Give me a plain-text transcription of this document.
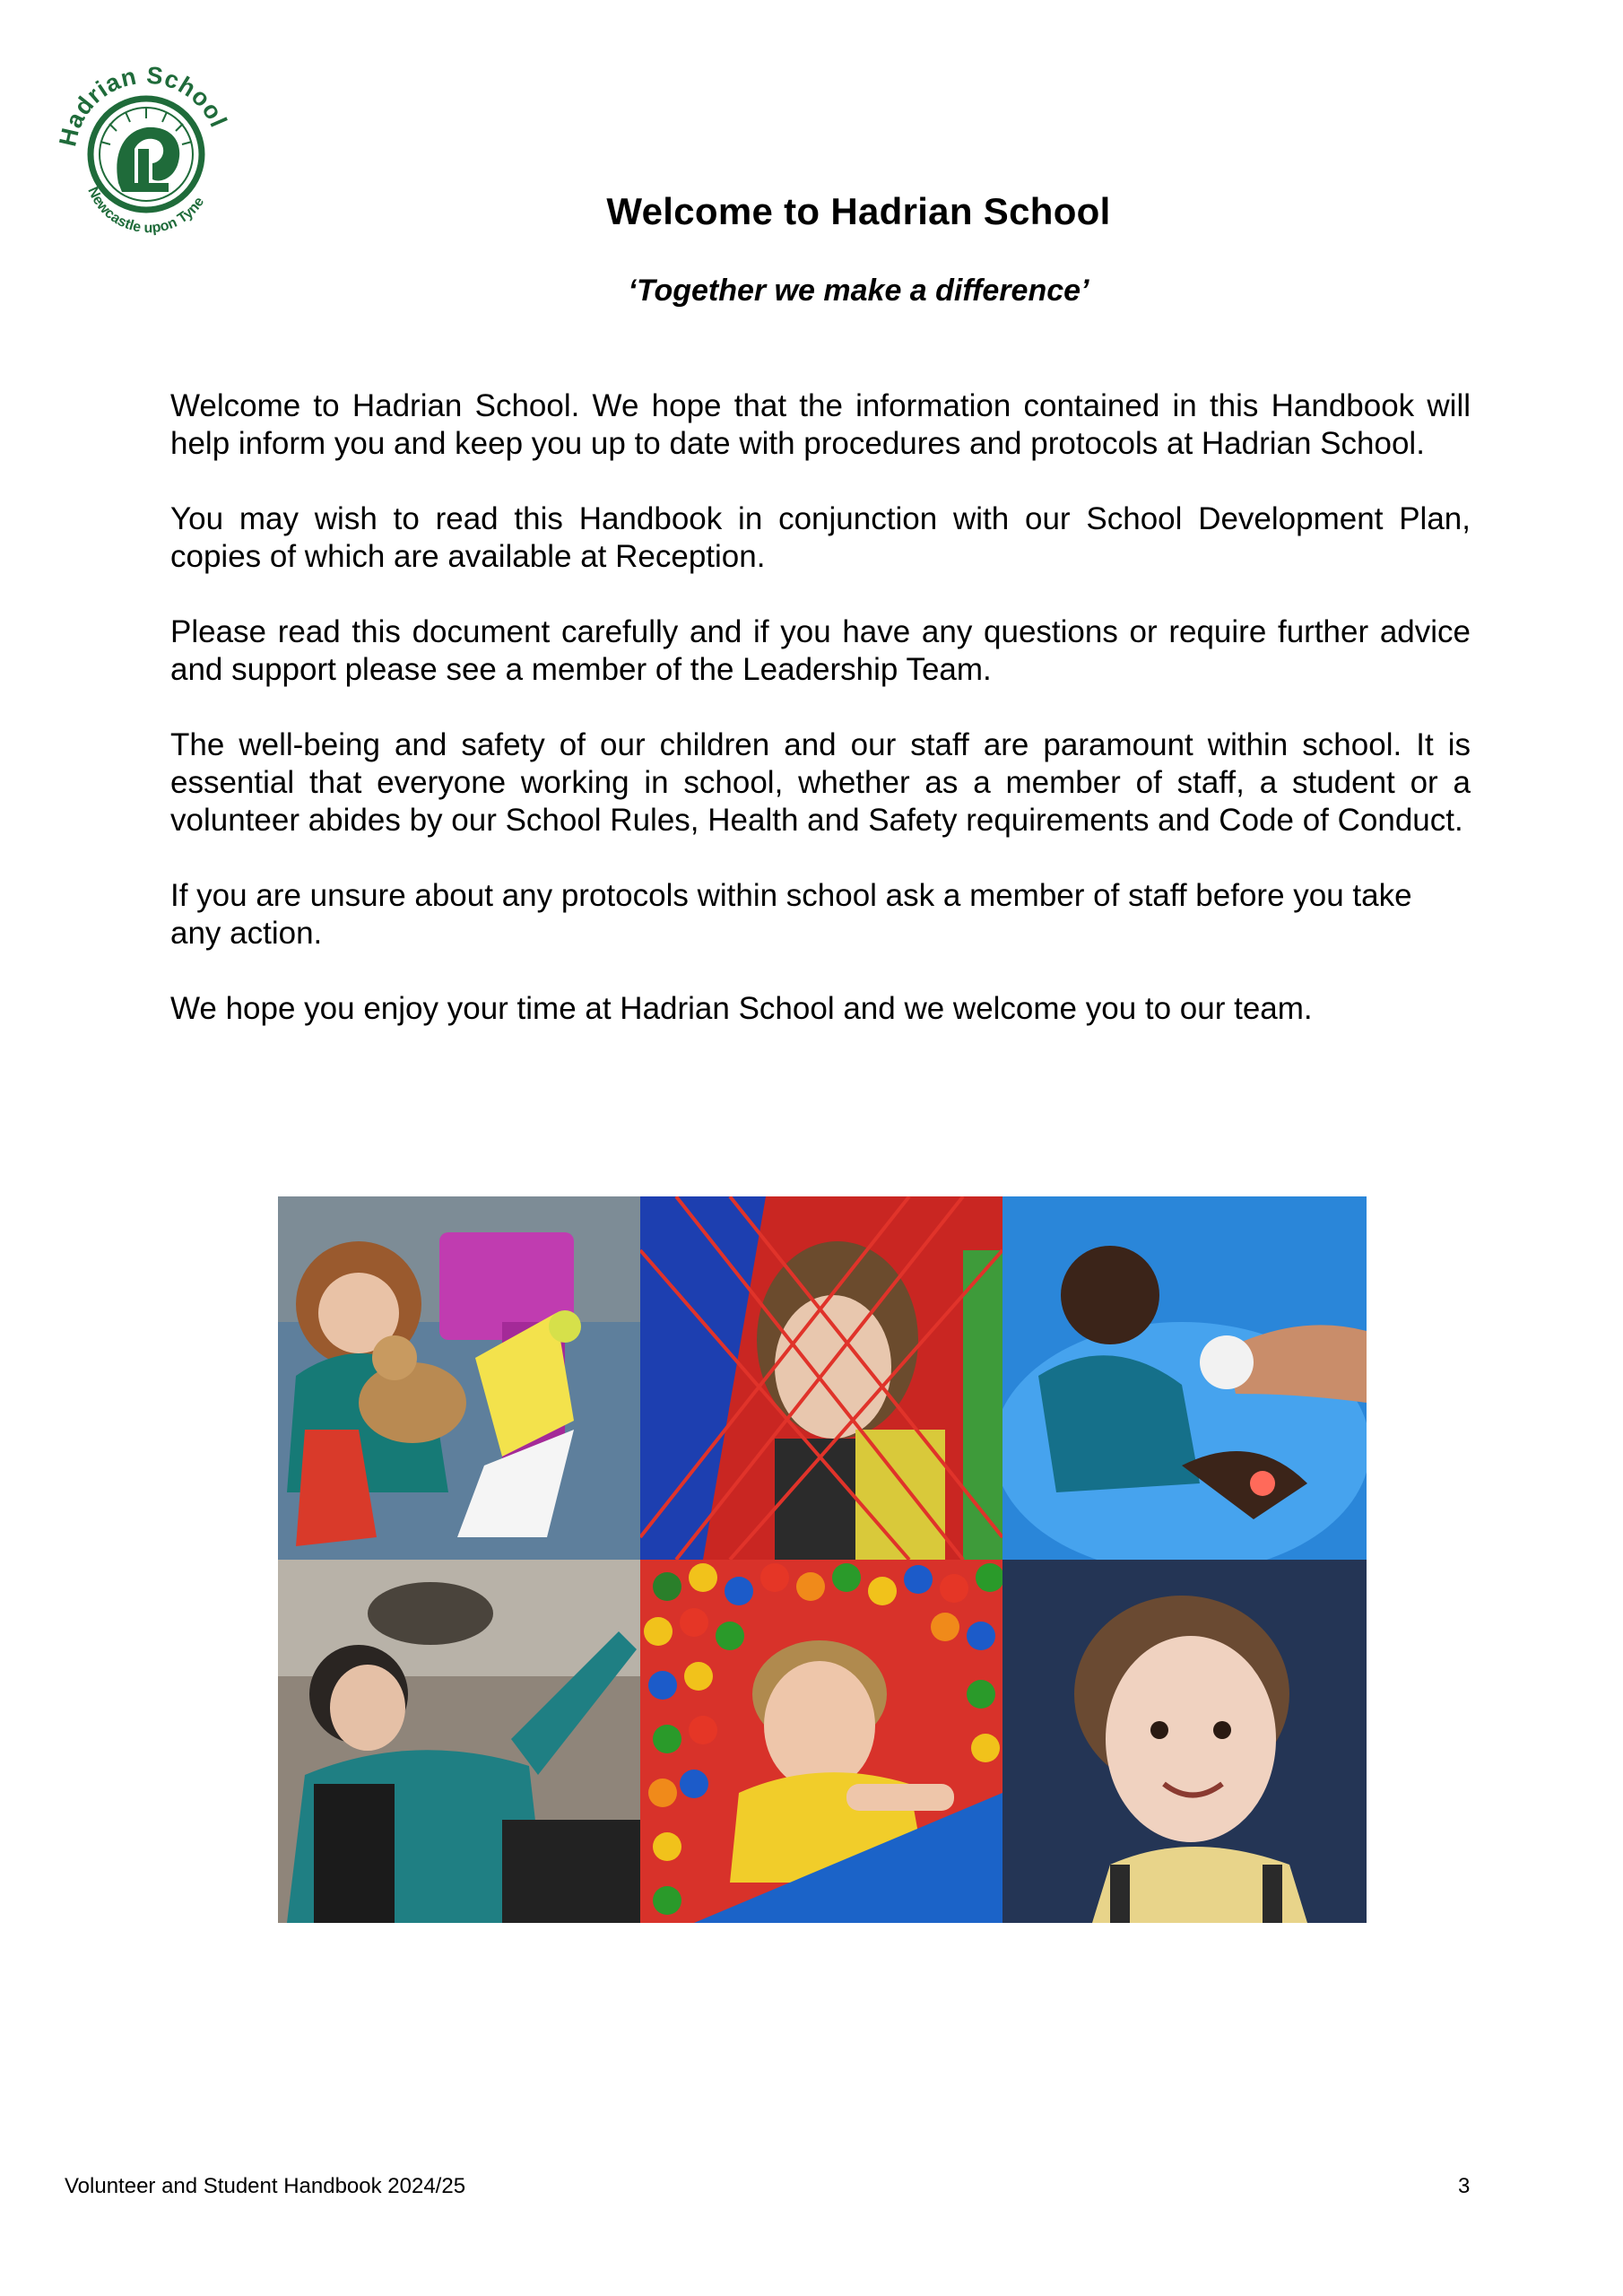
adrian Schoo
Newcastle upon Tyne	Welcome to Hadrian School
‘Together we make a difference’

Welcome to Hadrian School. We hope that the information contained in this Handbook will help inform you and keep you up to date with procedures and protocols at Hadrian School.

You may wish to read this Handbook in conjunction with our School Development Plan, copies of which are available at Reception.

Please read this document carefully and if you have any questions or require further advice and support please see a member of the Leadership Team.

The well-being and safety of our children and our staff are paramount within school. It is essential that everyone working in school, whether as a member of staff, a student or a volunteer abides by our School Rules, Health and Safety requirements and Code of Conduct.

If you are unsure about any protocols within school ask a member of staff before you take any action.

We hope you enjoy your time at Hadrian School and we welcome you to our team.

Volunteer and Student Handbook 2024/25	3
